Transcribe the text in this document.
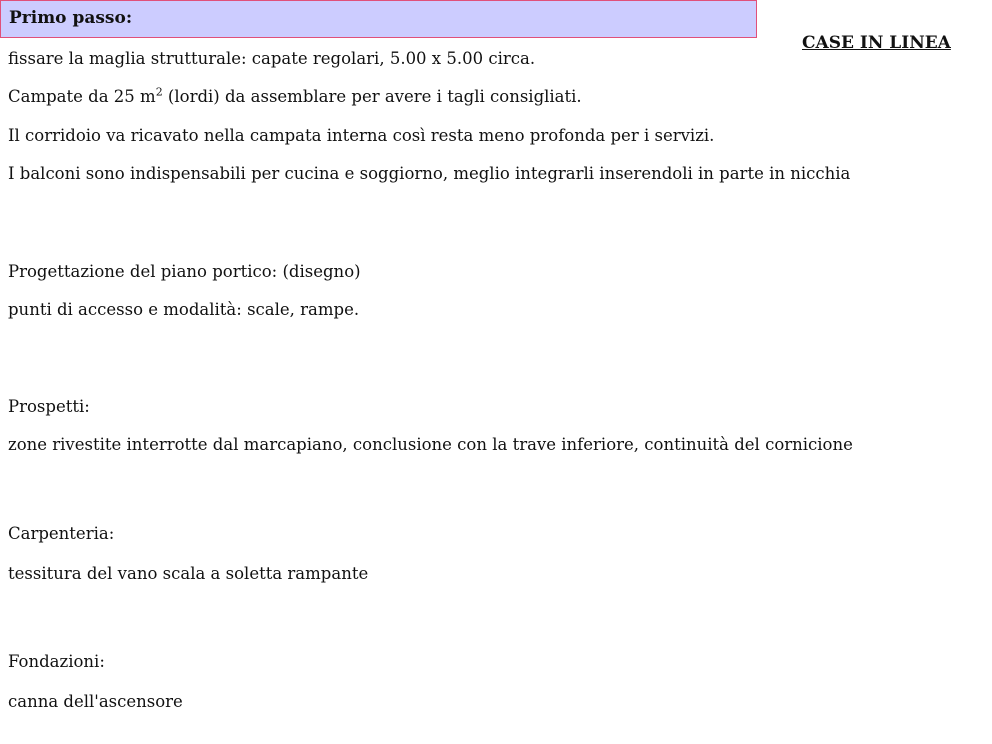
Primo passo:
CASE IN LINEA
fissare la maglia strutturale: capate regolari, 5.00 x 5.00 circa.
Campate da 25 $m^2$ (lordi) da assemblare per avere i tagli consigliati.
Il corridoio va ricavato nella campata interna così resta meno profonda per i servizi.
I balconi sono indispensabili per cucina e soggiorno, meglio integrarli inserendoli in parte in nicchia
Progettazione del piano portico: (disegno)
punti di accesso e modalità: scale, rampe.
Prospetti:
zone rivestite interrotte dal marcapiano, conclusione con la trave inferiore, continuità del cornicione
Carpenteria:
tessitura del vano scala a soletta rampante
Fondazioni:
canna dell'ascensore
